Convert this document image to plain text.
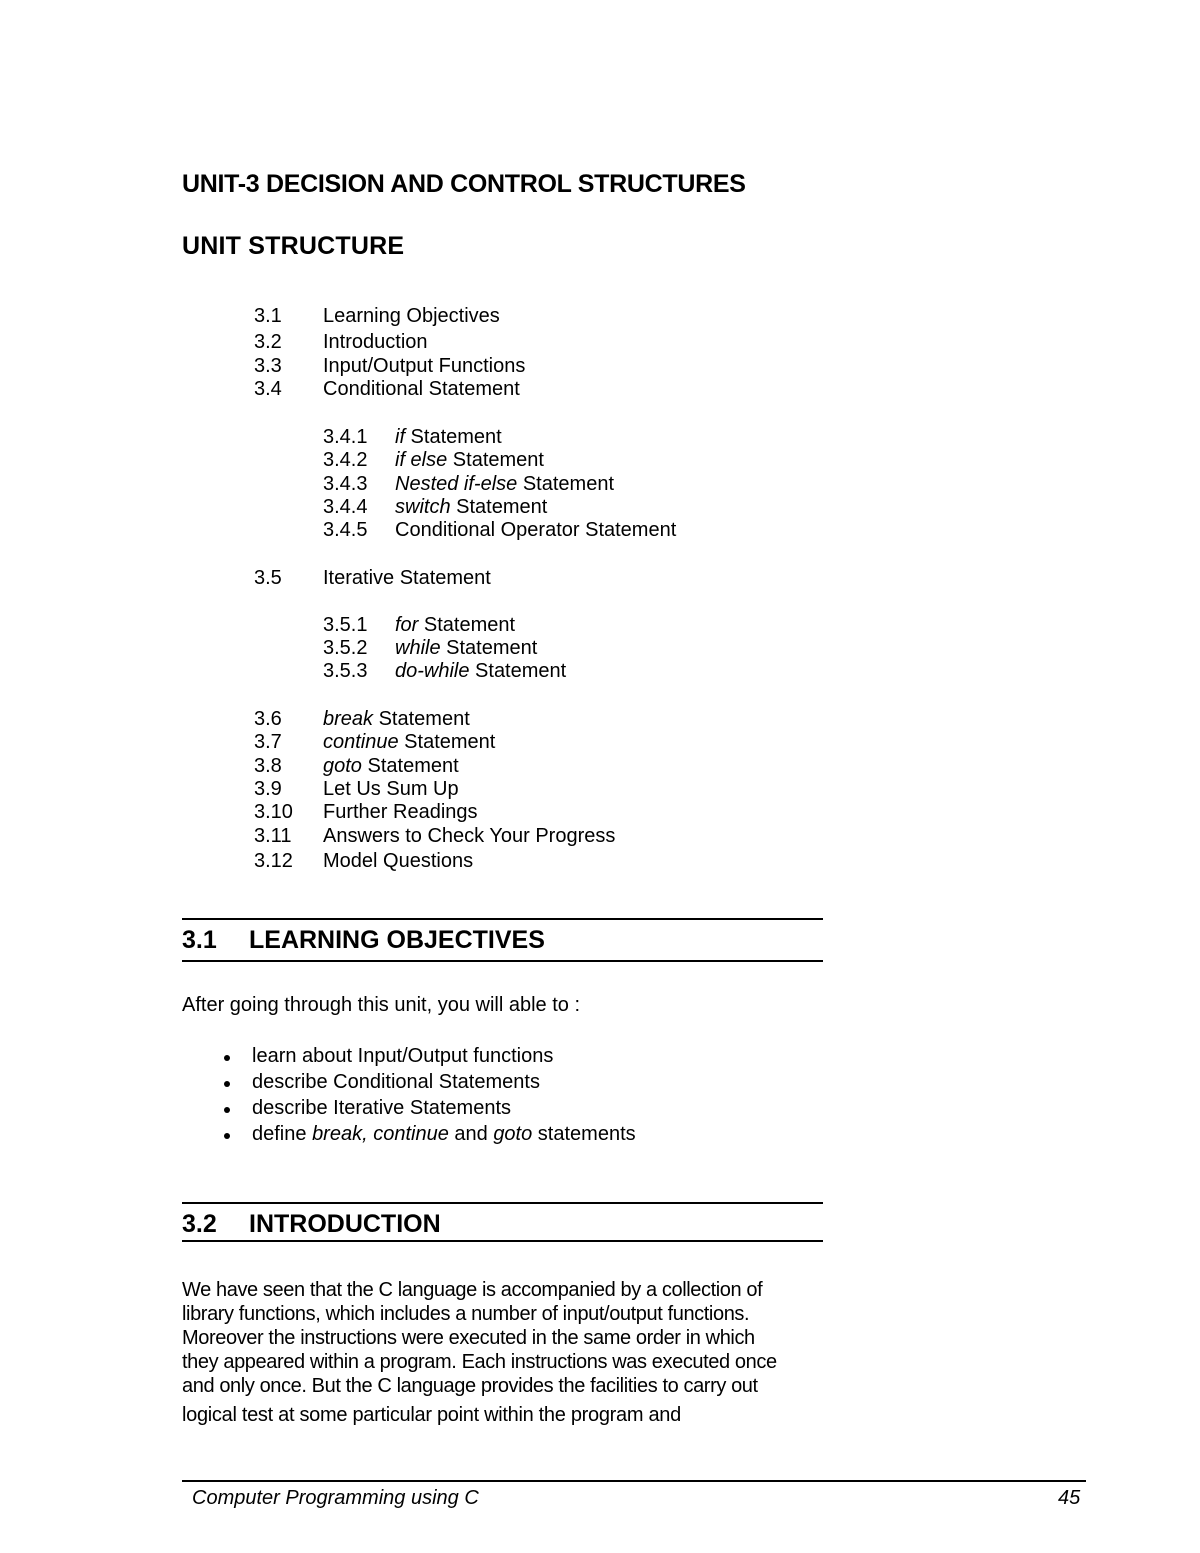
UNIT-3 DECISION AND CONTROL STRUCTURES
UNIT STRUCTURE
3.1 Learning Objectives
3.2 Introduction
3.3 Input/Output Functions
3.4 Conditional Statement
3.4.1 if Statement
3.4.2 if else Statement
3.4.3 Nested if-else Statement
3.4.4 switch Statement
3.4.5 Conditional Operator Statement
3.5 Iterative Statement
3.5.1 for Statement
3.5.2 while Statement
3.5.3 do-while Statement
3.6 break Statement
3.7 continue Statement
3.8 goto Statement
3.9 Let Us Sum Up
3.10 Further Readings
3.11 Answers to Check Your Progress
3.12 Model Questions
3.1 LEARNING OBJECTIVES
After going through this unit, you will able to :
learn about Input/Output functions
describe Conditional Statements
describe Iterative Statements
define break, continue and goto statements
3.2 INTRODUCTION

We have seen that the C language is accompanied by a collection of

library functions, which includes a number of input/output functions.

Moreover the instructions were executed in the same order in which

they appeared within a program. Each instructions was executed once

and only once. But the C language provides the facilities to carry out

logical test at some particular point within the program and
Computer Programming using C	45
